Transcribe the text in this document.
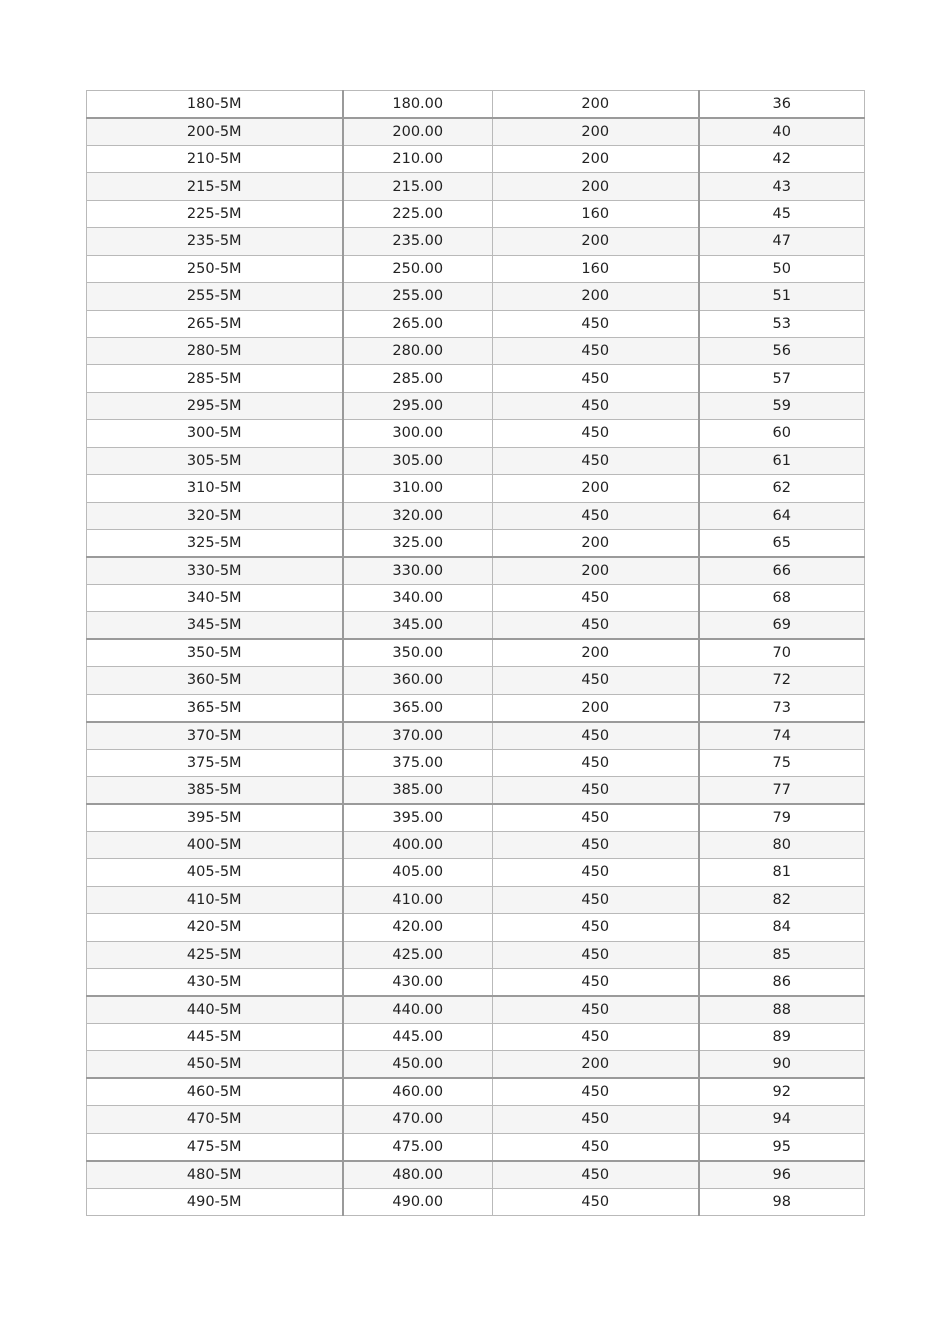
180-5M	180.00	200	36
200-5M	200.00	200	40
210-5M	210.00	200	42
215-5M	215.00	200	43
225-5M	225.00	160	45
235-5M	235.00	200	47
250-5M	250.00	160	50
255-5M	255.00	200	51
265-5M	265.00	450	53
280-5M	280.00	450	56
285-5M	285.00	450	57
295-5M	295.00	450	59
300-5M	300.00	450	60
305-5M	305.00	450	61
310-5M	310.00	200	62
320-5M	320.00	450	64
325-5M	325.00	200	65
330-5M	330.00	200	66
340-5M	340.00	450	68
345-5M	345.00	450	69
350-5M	350.00	200	70
360-5M	360.00	450	72
365-5M	365.00	200	73
370-5M	370.00	450	74
375-5M	375.00	450	75
385-5M	385.00	450	77
395-5M	395.00	450	79
400-5M	400.00	450	80
405-5M	405.00	450	81
410-5M	410.00	450	82
420-5M	420.00	450	84
425-5M	425.00	450	85
430-5M	430.00	450	86
440-5M	440.00	450	88
445-5M	445.00	450	89
450-5M	450.00	200	90
460-5M	460.00	450	92
470-5M	470.00	450	94
475-5M	475.00	450	95
480-5M	480.00	450	96
490-5M	490.00	450	98
